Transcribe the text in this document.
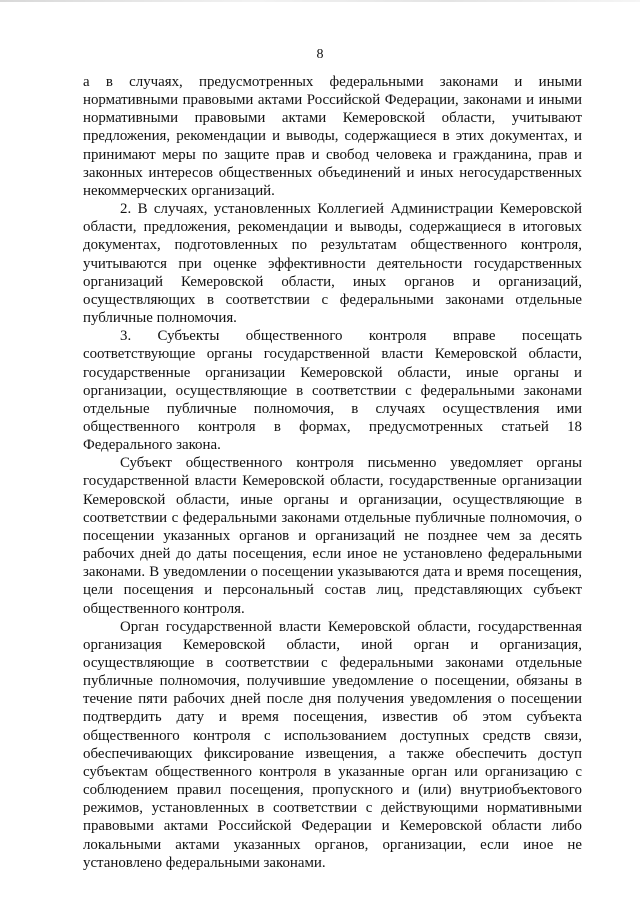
8

а в случаях, предусмотренных федеральными законами и иными нормативными правовыми актами Российской Федерации, законами и иными нормативными правовыми актами Кемеровской области, учитывают предложения, рекомендации и выводы, содержащиеся в этих документах, и принимают меры по защите прав и свобод человека и гражданина, прав и законных интересов общественных объединений и иных негосударственных некоммерческих организаций.

2. В случаях, установленных Коллегией Администрации Кемеровской области, предложения, рекомендации и выводы, содержащиеся в итоговых документах, подготовленных по результатам общественного контроля, учитываются при оценке эффективности деятельности государственных организаций Кемеровской области, иных органов и организаций, осуществляющих в соответствии с федеральными законами отдельные публичные полномочия.

3. Субъекты общественного контроля вправе посещать соответствующие органы государственной власти Кемеровской области, государственные организации Кемеровской области, иные органы и организации, осуществляющие в соответствии с федеральными законами отдельные публичные полномочия, в случаях осуществления ими общественного контроля в формах, предусмотренных статьей 18 Федерального закона.

Субъект общественного контроля письменно уведомляет органы государственной власти Кемеровской области, государственные организации Кемеровской области, иные органы и организации, осуществляющие в соответствии с федеральными законами отдельные публичные полномочия, о посещении указанных органов и организаций не позднее чем за десять рабочих дней до даты посещения, если иное не установлено федеральными законами. В уведомлении о посещении указываются дата и время посещения, цели посещения и персональный состав лиц, представляющих субъект общественного контроля.

Орган государственной власти Кемеровской области, государственная организация Кемеровской области, иной орган и организация, осуществляющие в соответствии с федеральными законами отдельные публичные полномочия, получившие уведомление о посещении, обязаны в течение пяти рабочих дней после дня получения уведомления о посещении подтвердить дату и время посещения, известив об этом субъекта общественного контроля с использованием доступных средств связи, обеспечивающих фиксирование извещения, а также обеспечить доступ субъектам общественного контроля в указанные орган или организацию с соблюдением правил посещения, пропускного и (или) внутриобъектового режимов, установленных в соответствии с действующими нормативными правовыми актами Российской Федерации и Кемеровской области либо локальными актами указанных органов, организации, если иное не установлено федеральными законами.
